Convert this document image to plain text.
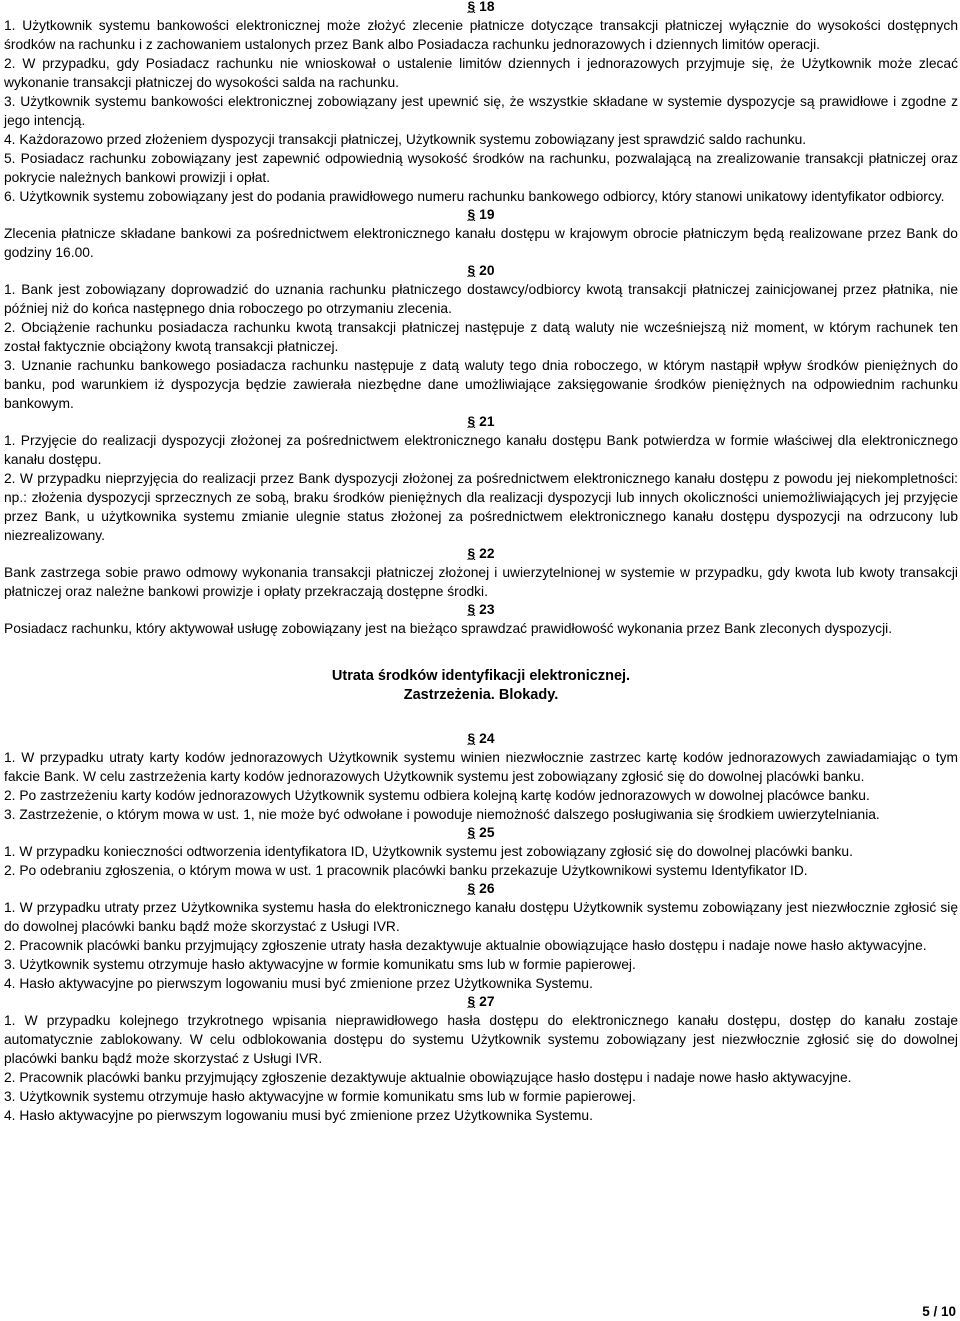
§ 18

1. Użytkownik systemu bankowości elektronicznej może złożyć zlecenie płatnicze dotyczące transakcji płatniczej wyłącznie do wysokości dostępnych środków na rachunku i z zachowaniem ustalonych przez Bank albo Posiadacza rachunku jednorazowych i dziennych limitów operacji.

2. W przypadku, gdy Posiadacz rachunku nie wnioskował o ustalenie limitów dziennych i jednorazowych przyjmuje się, że Użytkownik może zlecać wykonanie transakcji płatniczej do wysokości salda na rachunku.

3. Użytkownik systemu bankowości elektronicznej zobowiązany jest upewnić się, że wszystkie składane w systemie dyspozycje są prawidłowe i zgodne z jego intencją.

4. Każdorazowo przed złożeniem dyspozycji transakcji płatniczej, Użytkownik systemu zobowiązany jest sprawdzić saldo rachunku.

5. Posiadacz rachunku zobowiązany jest zapewnić odpowiednią wysokość środków na rachunku, pozwalającą na zrealizowanie transakcji płatniczej oraz pokrycie należnych bankowi prowizji i opłat.

6. Użytkownik systemu zobowiązany jest do podania prawidłowego numeru rachunku bankowego odbiorcy, który stanowi unikatowy identyfikator odbiorcy.

§ 19

Zlecenia płatnicze składane bankowi za pośrednictwem elektronicznego kanału dostępu w krajowym obrocie płatniczym będą realizowane przez Bank do godziny 16.00.

§ 20

1. Bank jest zobowiązany doprowadzić do uznania rachunku płatniczego dostawcy/odbiorcy kwotą transakcji płatniczej zainicjowanej przez płatnika, nie później niż do końca następnego dnia roboczego po otrzymaniu zlecenia.

2. Obciążenie rachunku posiadacza rachunku kwotą transakcji płatniczej następuje z datą waluty nie wcześniejszą niż moment, w którym rachunek ten został faktycznie obciążony kwotą transakcji płatniczej.

3. Uznanie rachunku bankowego posiadacza rachunku następuje z datą waluty tego dnia roboczego, w którym nastąpił wpływ środków pieniężnych do banku, pod warunkiem iż dyspozycja będzie zawierała niezbędne dane umożliwiające zaksięgowanie środków pieniężnych na odpowiednim rachunku bankowym.

§ 21

1. Przyjęcie do realizacji dyspozycji złożonej za pośrednictwem elektronicznego kanału dostępu Bank potwierdza w formie właściwej dla elektronicznego kanału dostępu.

2. W przypadku nieprzyjęcia do realizacji przez Bank dyspozycji złożonej za pośrednictwem elektronicznego kanału dostępu z powodu jej niekompletności: np.: złożenia dyspozycji sprzecznych ze sobą, braku środków pieniężnych dla realizacji dyspozycji lub innych okoliczności uniemożliwiających jej przyjęcie przez Bank, u użytkownika systemu zmianie ulegnie status złożonej za pośrednictwem elektronicznego kanału dostępu dyspozycji na odrzucony lub niezrealizowany.

§ 22

Bank zastrzega sobie prawo odmowy wykonania transakcji płatniczej złożonej i uwierzytelnionej w systemie w przypadku, gdy kwota lub kwoty transakcji płatniczej oraz należne bankowi prowizje i opłaty przekraczają dostępne środki.

§ 23

Posiadacz rachunku, który aktywował usługę zobowiązany jest na bieżąco sprawdzać prawidłowość wykonania przez Bank zleconych dyspozycji.

Utrata środków identyfikacji elektronicznej.
Zastrzeżenia. Blokady.
§ 24

1. W przypadku utraty karty kodów jednorazowych Użytkownik systemu winien niezwłocznie zastrzec kartę kodów jednorazowych zawiadamiając o tym fakcie Bank. W celu zastrzeżenia karty kodów jednorazowych Użytkownik systemu jest zobowiązany zgłosić się do dowolnej placówki banku.

2. Po zastrzeżeniu karty kodów jednorazowych Użytkownik systemu odbiera kolejną kartę kodów jednorazowych w dowolnej placówce banku.

3. Zastrzeżenie, o którym mowa w ust. 1, nie może być odwołane i powoduje niemożność dalszego posługiwania się środkiem uwierzytelniania.

§ 25

1. W przypadku konieczności odtworzenia identyfikatora ID, Użytkownik systemu jest zobowiązany zgłosić się do dowolnej placówki banku.

2. Po odebraniu zgłoszenia, o którym mowa w ust. 1 pracownik placówki banku przekazuje Użytkownikowi systemu Identyfikator ID.

§ 26

1. W przypadku utraty przez Użytkownika systemu hasła do elektronicznego kanału dostępu Użytkownik systemu zobowiązany jest niezwłocznie zgłosić się do dowolnej placówki banku bądź może skorzystać z Usługi IVR.

2. Pracownik placówki banku przyjmujący zgłoszenie utraty hasła dezaktywuje aktualnie obowiązujące hasło dostępu i nadaje nowe hasło aktywacyjne.

3. Użytkownik systemu otrzymuje hasło aktywacyjne w formie komunikatu sms lub w formie papierowej.

4. Hasło aktywacyjne po pierwszym logowaniu musi być zmienione przez Użytkownika Systemu.

§ 27

1. W przypadku kolejnego trzykrotnego wpisania nieprawidłowego hasła dostępu do elektronicznego kanału dostępu, dostęp do kanału zostaje automatycznie zablokowany. W celu odblokowania dostępu do systemu Użytkownik systemu zobowiązany jest niezwłocznie zgłosić się do dowolnej placówki banku bądź może skorzystać z Usługi IVR.

2. Pracownik placówki banku przyjmujący zgłoszenie dezaktywuje aktualnie obowiązujące hasło dostępu i nadaje nowe hasło aktywacyjne.

3. Użytkownik systemu otrzymuje hasło aktywacyjne w formie komunikatu sms lub w formie papierowej.

4. Hasło aktywacyjne po pierwszym logowaniu musi być zmienione przez Użytkownika Systemu.

5 / 10
